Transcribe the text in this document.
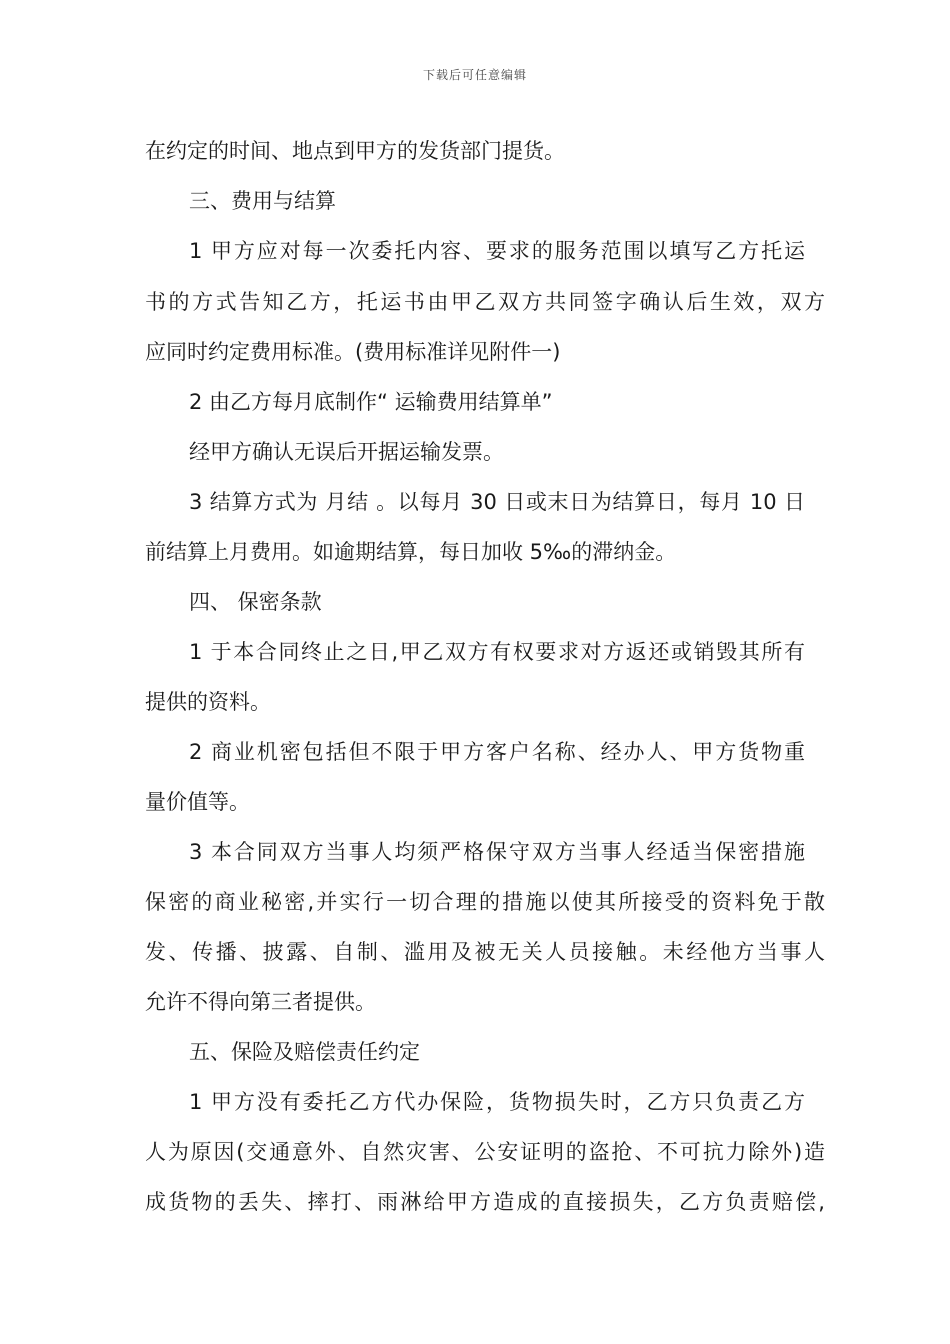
下载后可任意编辑
在约定的时间、地点到甲方的发货部门提货。
三、费用与结算
1 甲方应对每一次委托内容、要求的服务范围以填写乙方托运
书的方式告知乙方，托运书由甲乙双方共同签字确认后生效，双方
应同时约定费用标准。(费用标准详见附件一)
2 由乙方每月底制作“ 运输费用结算单”
经甲方确认无误后开据运输发票。
3 结算方式为 月结 。以每月 30 日或末日为结算日，每月 10 日
前结算上月费用。如逾期结算，每日加收 5‰的滞纳金。
四、 保密条款
1 于本合同终止之日,甲乙双方有权要求对方返还或销毁其所有
提供的资料。
2 商业机密包括但不限于甲方客户名称、经办人、甲方货物重
量价值等。
3 本合同双方当事人均须严格保守双方当事人经适当保密措施
保密的商业秘密,并实行一切合理的措施以使其所接受的资料免于散
发、传播、披露、自制、滥用及被无关人员接触。未经他方当事人
允许不得向第三者提供。
五、保险及赔偿责任约定
1 甲方没有委托乙方代办保险，货物损失时，乙方只负责乙方
人为原因(交通意外、自然灾害、公安证明的盗抢、不可抗力除外)造
成货物的丢失、摔打、雨淋给甲方造成的直接损失，乙方负责赔偿,
